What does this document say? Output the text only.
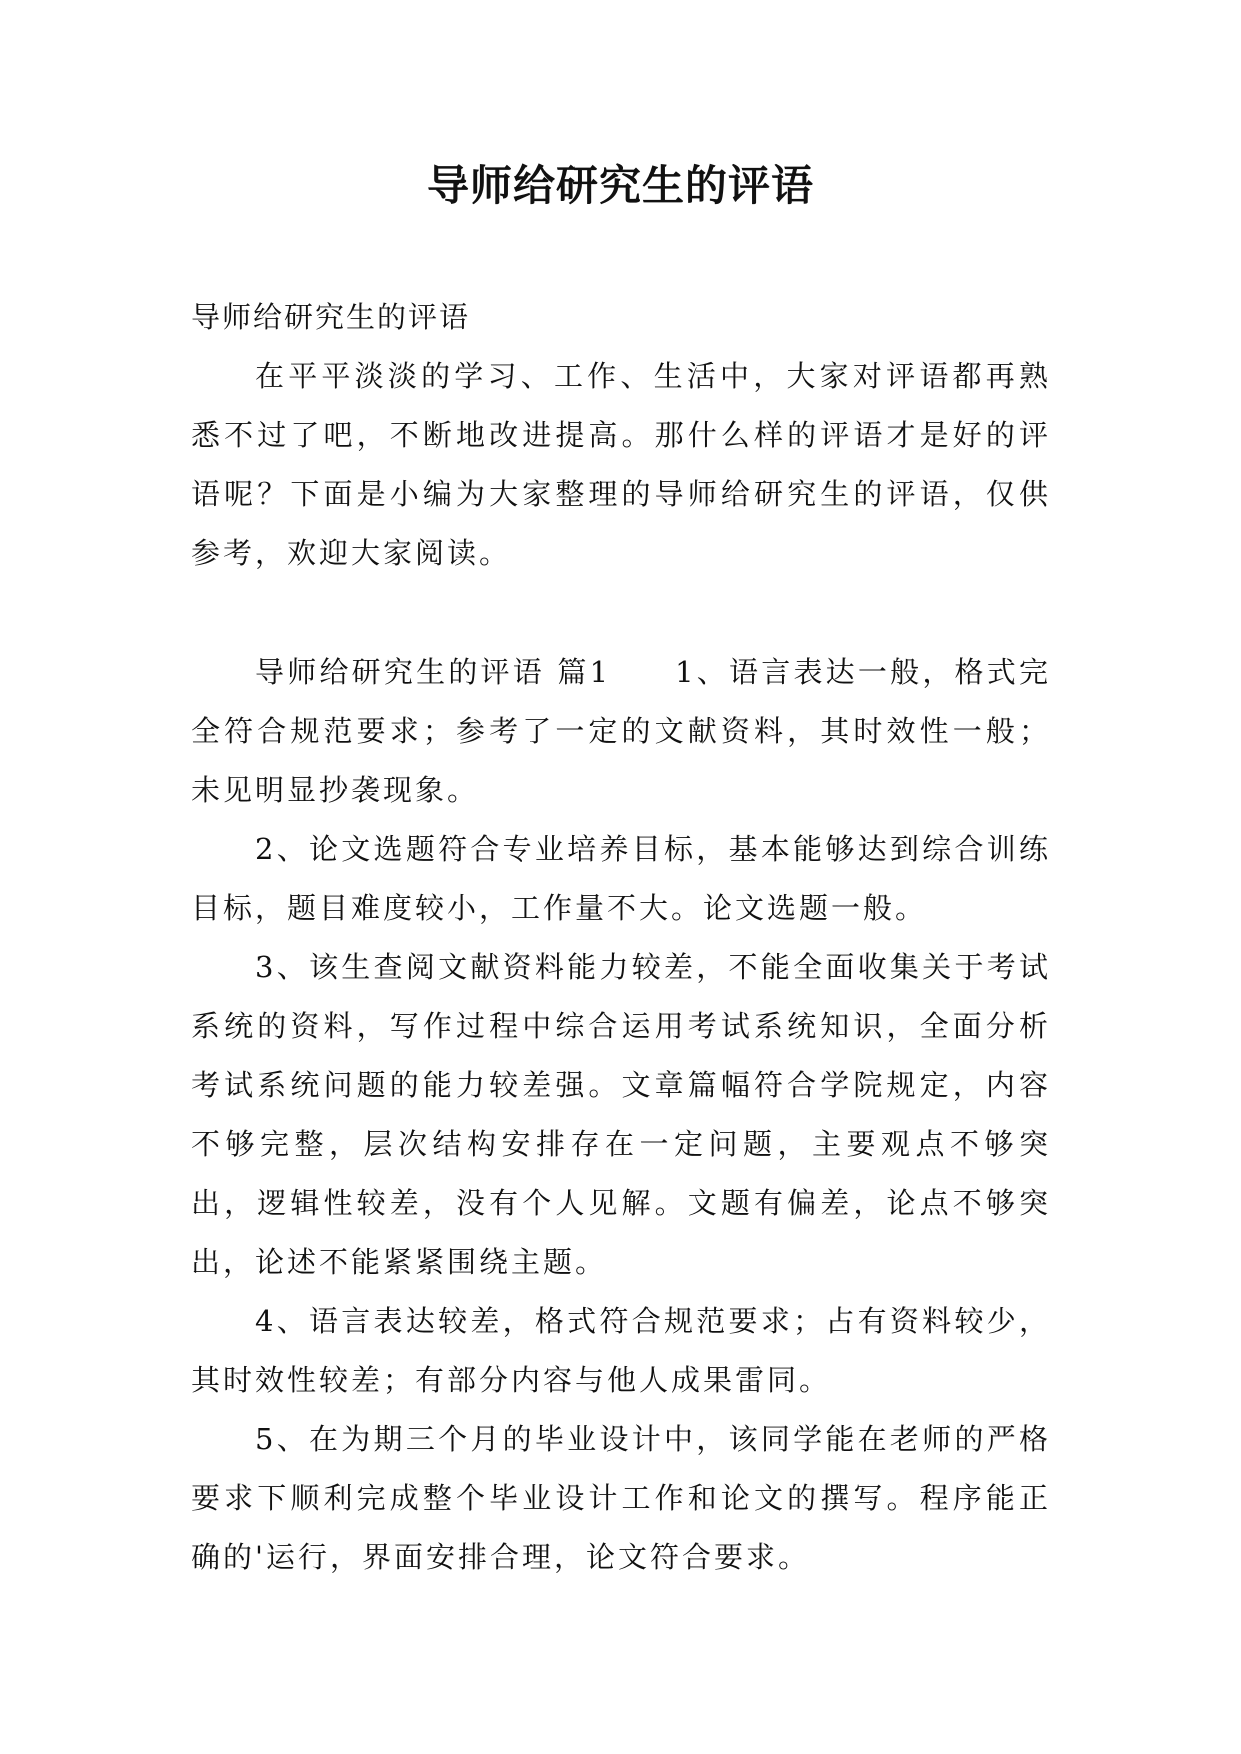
导师给研究生的评语

导师给研究生的评语

在平平淡淡的学习、工作、生活中，大家对评语都再熟悉不过了吧，不断地改进提高。那什么样的评语才是好的评语呢？下面是小编为大家整理的导师给研究生的评语，仅供参考，欢迎大家阅读。

导师给研究生的评语 篇1 1、语言表达一般，格式完全符合规范要求；参考了一定的文献资料，其时效性一般；未见明显抄袭现象。

2、论文选题符合专业培养目标，基本能够达到综合训练目标，题目难度较小，工作量不大。论文选题一般。

3、该生查阅文献资料能力较差，不能全面收集关于考试系统的资料，写作过程中综合运用考试系统知识，全面分析考试系统问题的能力较差强。文章篇幅符合学院规定，内容不够完整，层次结构安排存在一定问题，主要观点不够突出，逻辑性较差，没有个人见解。文题有偏差，论点不够突出，论述不能紧紧围绕主题。

4、语言表达较差，格式符合规范要求；占有资料较少，其时效性较差；有部分内容与他人成果雷同。

5、在为期三个月的毕业设计中，该同学能在老师的严格要求下顺利完成整个毕业设计工作和论文的撰写。程序能正确的'运行，界面安排合理，论文符合要求。
